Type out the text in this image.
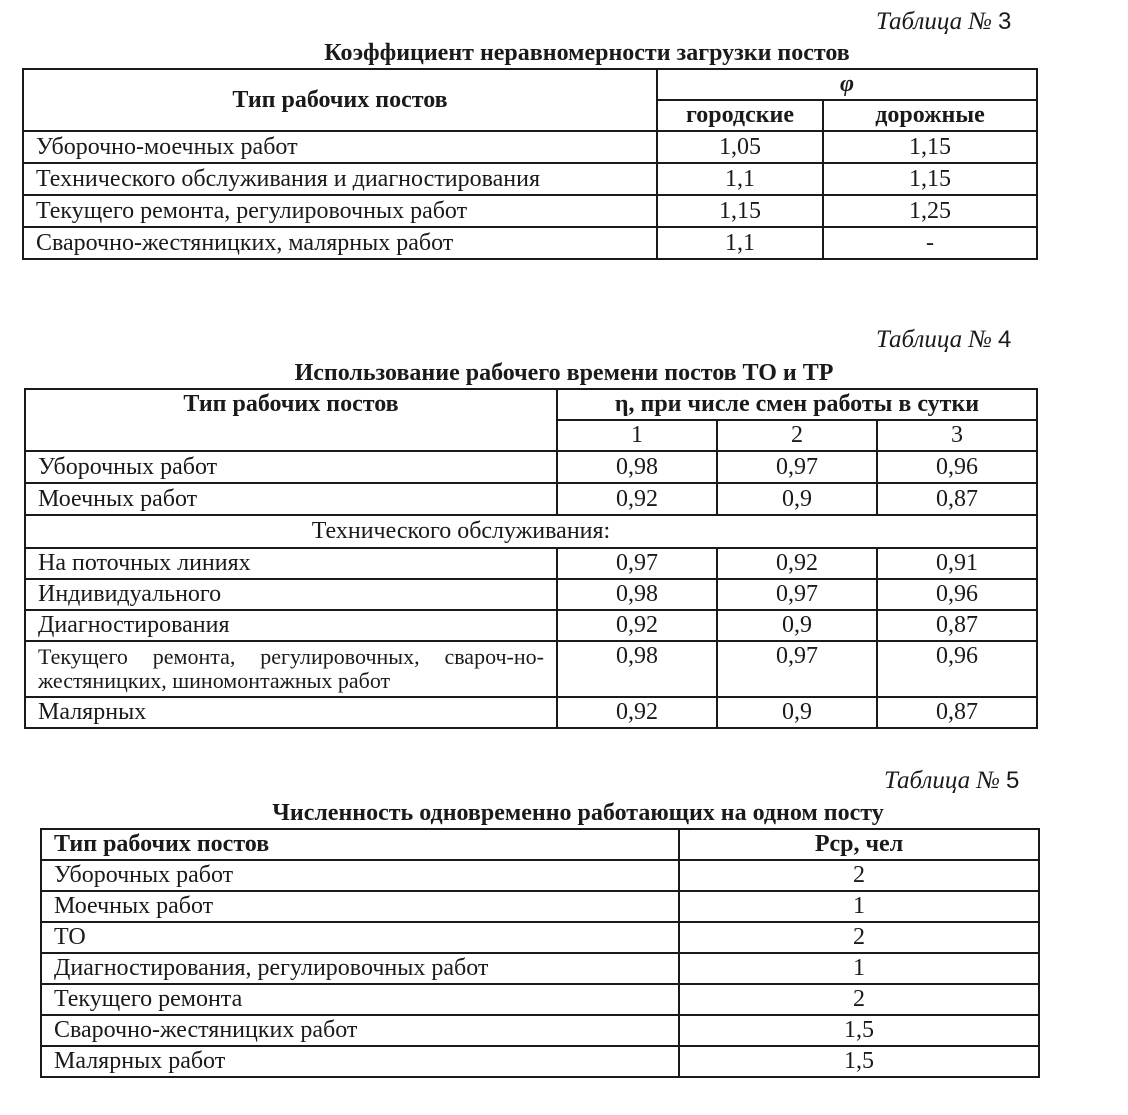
Таблица № 3
Коэффициент неравномерности загрузки постов
Тип рабочих постов	φ	
	городские	дорожные
Уборочно-моечных работ	1,05	1,15
Технического обслуживания и диагностирования	1,1	1,15
Текущего ремонта, регулировочных работ	1,15	1,25
Сварочно-жестяницких, малярных работ	1,1	-
Таблица № 4
Использование рабочего времени постов ТО и ТР
Тип рабочих постов	η, при числе смен работы в сутки		
	1	2	3
Уборочных работ	0,98	0,97	0,96
Моечных работ	0,92	0,9	0,87
Технического обслуживания:			
На поточных линиях	0,97	0,92	0,91
Индивидуального	0,98	0,97	0,96
Диагностирования	0,92	0,9	0,87
Текущего ремонта, регулировочных, свароч-но-жестяницких, шиномонтажных работ	0,98	0,97	0,96
Малярных	0,92	0,9	0,87
Таблица № 5
Численность одновременно работающих на одном посту
Тип рабочих постов	Рср, чел
Уборочных работ	2
Моечных работ	1
ТО	2
Диагностирования, регулировочных работ	1
Текущего ремонта	2
Сварочно-жестяницких работ	1,5
Малярных работ	1,5
